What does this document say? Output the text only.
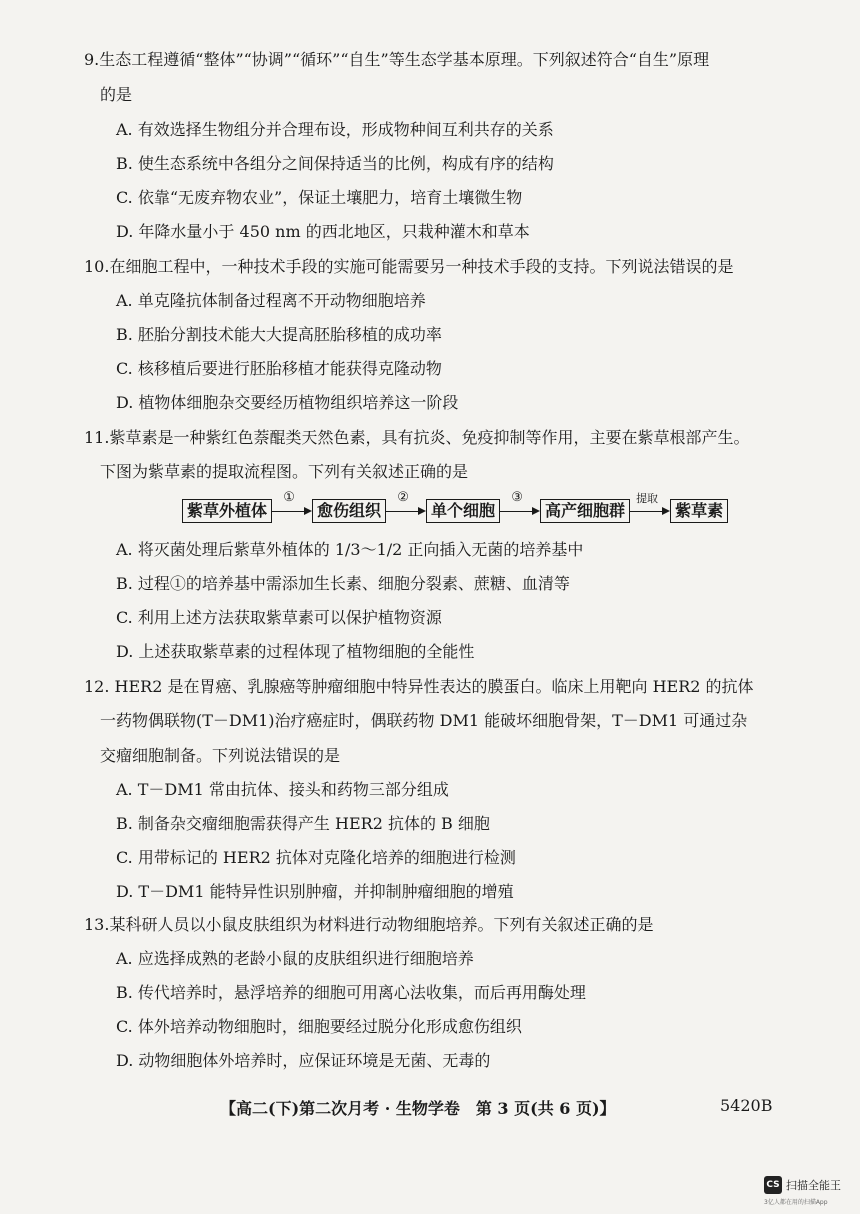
9.生态工程遵循“整体”“协调”“循环”“自生”等生态学基本原理。下列叙述符合“自生”原理
的是
A. 有效选择生物组分并合理布设，形成物种间互利共存的关系
B. 使生态系统中各组分之间保持适当的比例，构成有序的结构
C. 依靠“无废弃物农业”，保证土壤肥力，培育土壤微生物
D. 年降水量小于 450 nm 的西北地区，只栽种灌木和草本
10.在细胞工程中，一种技术手段的实施可能需要另一种技术手段的支持。下列说法错误的是
A. 单克隆抗体制备过程离不开动物细胞培养
B. 胚胎分割技术能大大提高胚胎移植的成功率
C. 核移植后要进行胚胎移植才能获得克隆动物
D. 植物体细胞杂交要经历植物组织培养这一阶段
11.紫草素是一种紫红色萘醌类天然色素，具有抗炎、免疫抑制等作用，主要在紫草根部产生。
下图为紫草素的提取流程图。下列有关叙述正确的是
紫草外植体
①
愈伤组织
②
单个细胞
③
高产细胞群
提取
紫草素
A. 将灭菌处理后紫草外植体的 1/3～1/2 正向插入无菌的培养基中
B. 过程①的培养基中需添加生长素、细胞分裂素、蔗糖、血清等
C. 利用上述方法获取紫草素可以保护植物资源
D. 上述获取紫草素的过程体现了植物细胞的全能性
12. HER2 是在胃癌、乳腺癌等肿瘤细胞中特异性表达的膜蛋白。临床上用靶向 HER2 的抗体
一药物偶联物(T－DM1)治疗癌症时，偶联药物 DM1 能破坏细胞骨架，T－DM1 可通过杂
交瘤细胞制备。下列说法错误的是
A. T－DM1 常由抗体、接头和药物三部分组成
B. 制备杂交瘤细胞需获得产生 HER2 抗体的 B 细胞
C. 用带标记的 HER2 抗体对克隆化培养的细胞进行检测
D. T－DM1 能特异性识别肿瘤，并抑制肿瘤细胞的增殖
13.某科研人员以小鼠皮肤组织为材料进行动物细胞培养。下列有关叙述正确的是
A. 应选择成熟的老龄小鼠的皮肤组织进行细胞培养
B. 传代培养时，悬浮培养的细胞可用离心法收集，而后再用酶处理
C. 体外培养动物细胞时，细胞要经过脱分化形成愈伤组织
D. 动物细胞体外培养时，应保证环境是无菌、无毒的
【高二(下)第二次月考 · 生物学卷　第 3 页(共 6 页)】	5420B
CS 扫描全能王
3亿人都在用的扫描App
